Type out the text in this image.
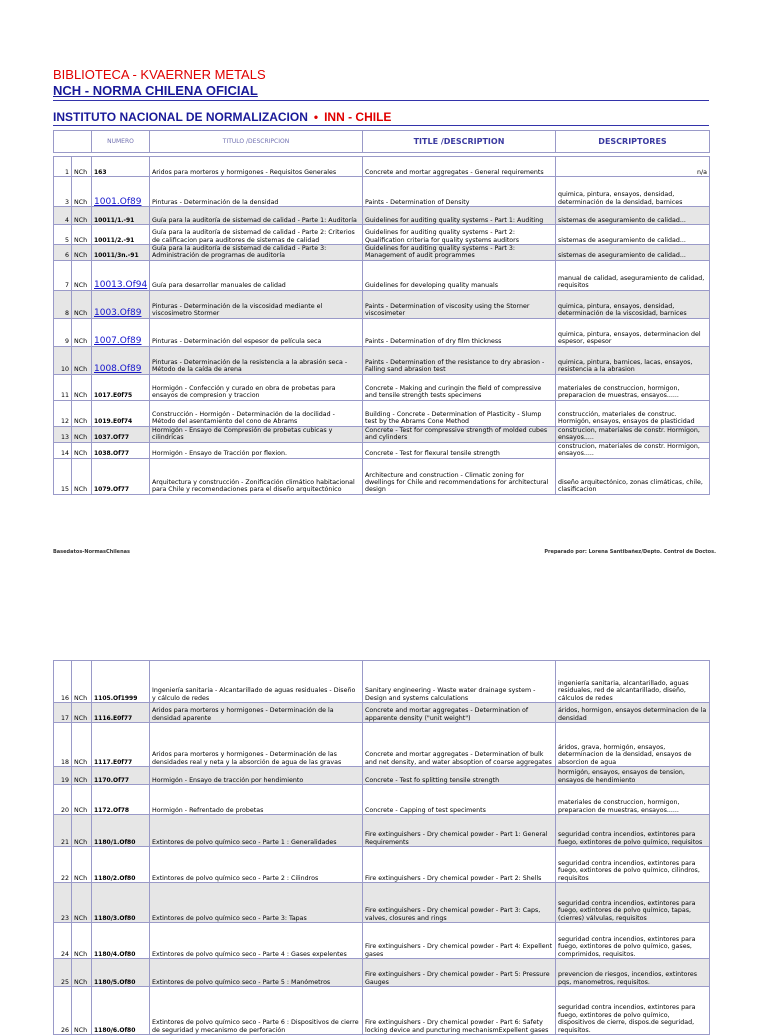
BIBLIOTECA - KVAERNER METALS
NCH - NORMA CHILENA OFICIAL
INSTITUTO NACIONAL DE NORMALIZACION • INN - CHILE
		NUMERO	TITULO /DESCRIPCION	TITLE /DESCRIPTION	DESCRIPTORES

1	NCh	163	Aridos para morteros y hormigones - Requisitos Generales	Concrete and mortar aggregates - General requirements	n/a
3	NCh	1001.Of89	Pinturas - Determinación de la densidad	Paints - Determination of Density	quimica, pintura, ensayos, densidad, determinación de la densidad, barnices
4	NCh	10011/1.-91	Guía para la auditoría de sistemad de calidad - Parte 1: Auditoría	Guidelines for auditing quality systems - Part 1: Auditing	sistemas de aseguramiento de calidad...
5	NCh	10011/2.-91	Guía para la auditoría de sistemad de calidad - Parte 2: Criterios de calificacion para auditores de sistemas de calidad	Guidelines for auditing quality systems - Part 2: Qualification criteria for quality systems auditors	sistemas de aseguramiento de calidad...
6	NCh	10011/3n.-91	Guía para la auditoría de sistemad de calidad - Parte 3: Administración de programas de auditoría	Guidelines for auditing quality systems - Part 3: Management of audit programmes	sistemas de aseguramiento de calidad...
7	NCh	10013.Of94	Guía para desarrollar manuales de calidad	Guidelines for developing quality manuals	manual de calidad, aseguramiento de calidad, requisitos
8	NCh	1003.Of89	Pinturas - Determinación de la viscosidad mediante el viscosimetro Stormer	Paints - Determination of viscosity using the Storner viscosimeter	quimica, pintura, ensayos, densidad, determinación de la viscosidad, barnices
9	NCh	1007.Of89	Pinturas - Determinación del espesor de película seca	Paints - Determination of dry film thickness	quimica, pintura, ensayos, determinacion del espesor, espesor
10	NCh	1008.Of89	Pinturas - Determinación de la resistencia a la abrasión seca - Método de la caída de arena	Paints - Determination of the resistance to dry abrasion - Falling sand abrasion test	quimica, pintura, barnices, lacas, ensayos, resistencia a la abrasion
11	NCh	1017.E0f75	Hormigón - Confección y curado en obra de probetas para ensayos de compresion y traccion	Concrete - Making and curingin the field of compressive and tensile strength tests specimens	materiales de construccion, hormigon, preparacion de muestras, ensayos......
12	NCh	1019.E0f74	Construcción - Hormigón - Determinación de la docilidad - Método del asentamiento del cono de Abrams	Building - Concrete - Determination of Plasticity - Slump test by the Abrams Cone Method	construcción, materiales de construc. Hormigón, ensayos, ensayos de plasticidad
13	NCh	1037.Of77	Hormigón - Ensayo de Compresión de probetas cubicas y cilindricas	Concrete - Test for compressive strength of molded cubes and cylinders	construcion, materiales de constr. Hormigon, ensayos.....
14	NCh	1038.Of77	Hormigón - Ensayo de Tracción por flexion.	Concrete - Test for flexural tensile strength	construcion, materiales de constr. Hormigon, ensayos.....
15	NCh	1079.Of77	Arquitectura y construcción - Zonificación climático habitacional para Chile y recomendaciones para el diseño arquitectónico	Architecture and construction - Climatic zoning for dwellings for Chile and recommendations for architectural design	diseño arquitectónico, zonas climáticas, chile, clasificacion
Basedatos-NormasChilenas	Preparado por: Lorena Santibañez/Depto. Control de Doctos.
16	NCh	1105.Of1999	Ingeniería sanitaria - Alcantarillado de aguas residuales - Diseño y cálculo de redes	Sanitary engineering - Waste water drainage system - Design and systems calculations	ingeniería sanitaria, alcantarillado, aguas residuales, red de alcantarillado, diseño, cálculos de redes
17	NCh	1116.E0f77	Aridos para morteros y hormigones - Determinación de la densidad aparente	Concrete and mortar aggregates - Determination of apparente density ("unit weight")	áridos, hormigon, ensayos determinacion de la densidad
18	NCh	1117.E0f77	Aridos para morteros y hormigones - Determinación de las densidades real y neta y la absorción de agua de las gravas	Concrete and mortar aggregates - Determination of bulk and net density, and water absoption of coarse aggregates	áridos, grava, hormigón, ensayos, determinacion de la densidad, ensayos de absorcion de agua
19	NCh	1170.Of77	Hormigón - Ensayo de tracción por hendimiento	Concrete - Test fo splitting tensile strength	hormigón, ensayos, ensayos de tension, ensayos de hendimiento
20	NCh	1172.Of78	Hormigón - Refrentado de probetas	Concrete - Capping of test speciments	materiales de construccion, hormigon, preparacion de muestras, ensayos......
21	NCh	1180/1.Of80	Extintores de polvo químico seco - Parte 1 : Generalidades	Fire extinguishers - Dry chemical powder - Part 1: General Requirements	seguridad contra incendios, extintores para fuego, extintores de polvo químico, requisitos
22	NCh	1180/2.Of80	Extintores de polvo químico seco - Parte 2 : Cilindros	Fire extinguishers - Dry chemical powder - Part 2: Shells	seguridad contra incendios, extintores para fuego, extintores de polvo químico, cilindros, requisitos
23	NCh	1180/3.Of80	Extintores de polvo químico seco - Parte 3: Tapas	Fire extinguishers - Dry chemical powder - Part 3: Caps, valves, closures and rings	seguridad contra incendios, extintores para fuego, extintores de polvo químico, tapas, (cierres) válvulas, requisitos
24	NCh	1180/4.Of80	Extintores de polvo químico seco - Parte 4 : Gases expelentes	Fire extinguishers - Dry chemical powder - Part 4: Expellent gases	seguridad contra incendios, extintores para fuego, extintores de polvo químico, gases, comprimidos, requisitos.
25	NCh	1180/5.Of80	Extintores de polvo químico seco - Parte 5 : Manómetros	Fire extinguishers - Dry chemical powder - Part 5: Pressure Gauges	prevencion de riesgos, incendios, extintores pqs, manometros, requisitos.
26	NCh	1180/6.Of80	Extintores de polvo químico seco - Parte 6 : Dispositivos de cierre de seguridad y mecanismo de perforación	Fire extinguishers - Dry chemical powder - Part 6: Safety locking device and puncturing mechanismExpellent gases	seguridad contra incendios, extintores para fuego, extintores de polvo químico, dispositivos de cierre, dispos.de seguridad, requisitos.
